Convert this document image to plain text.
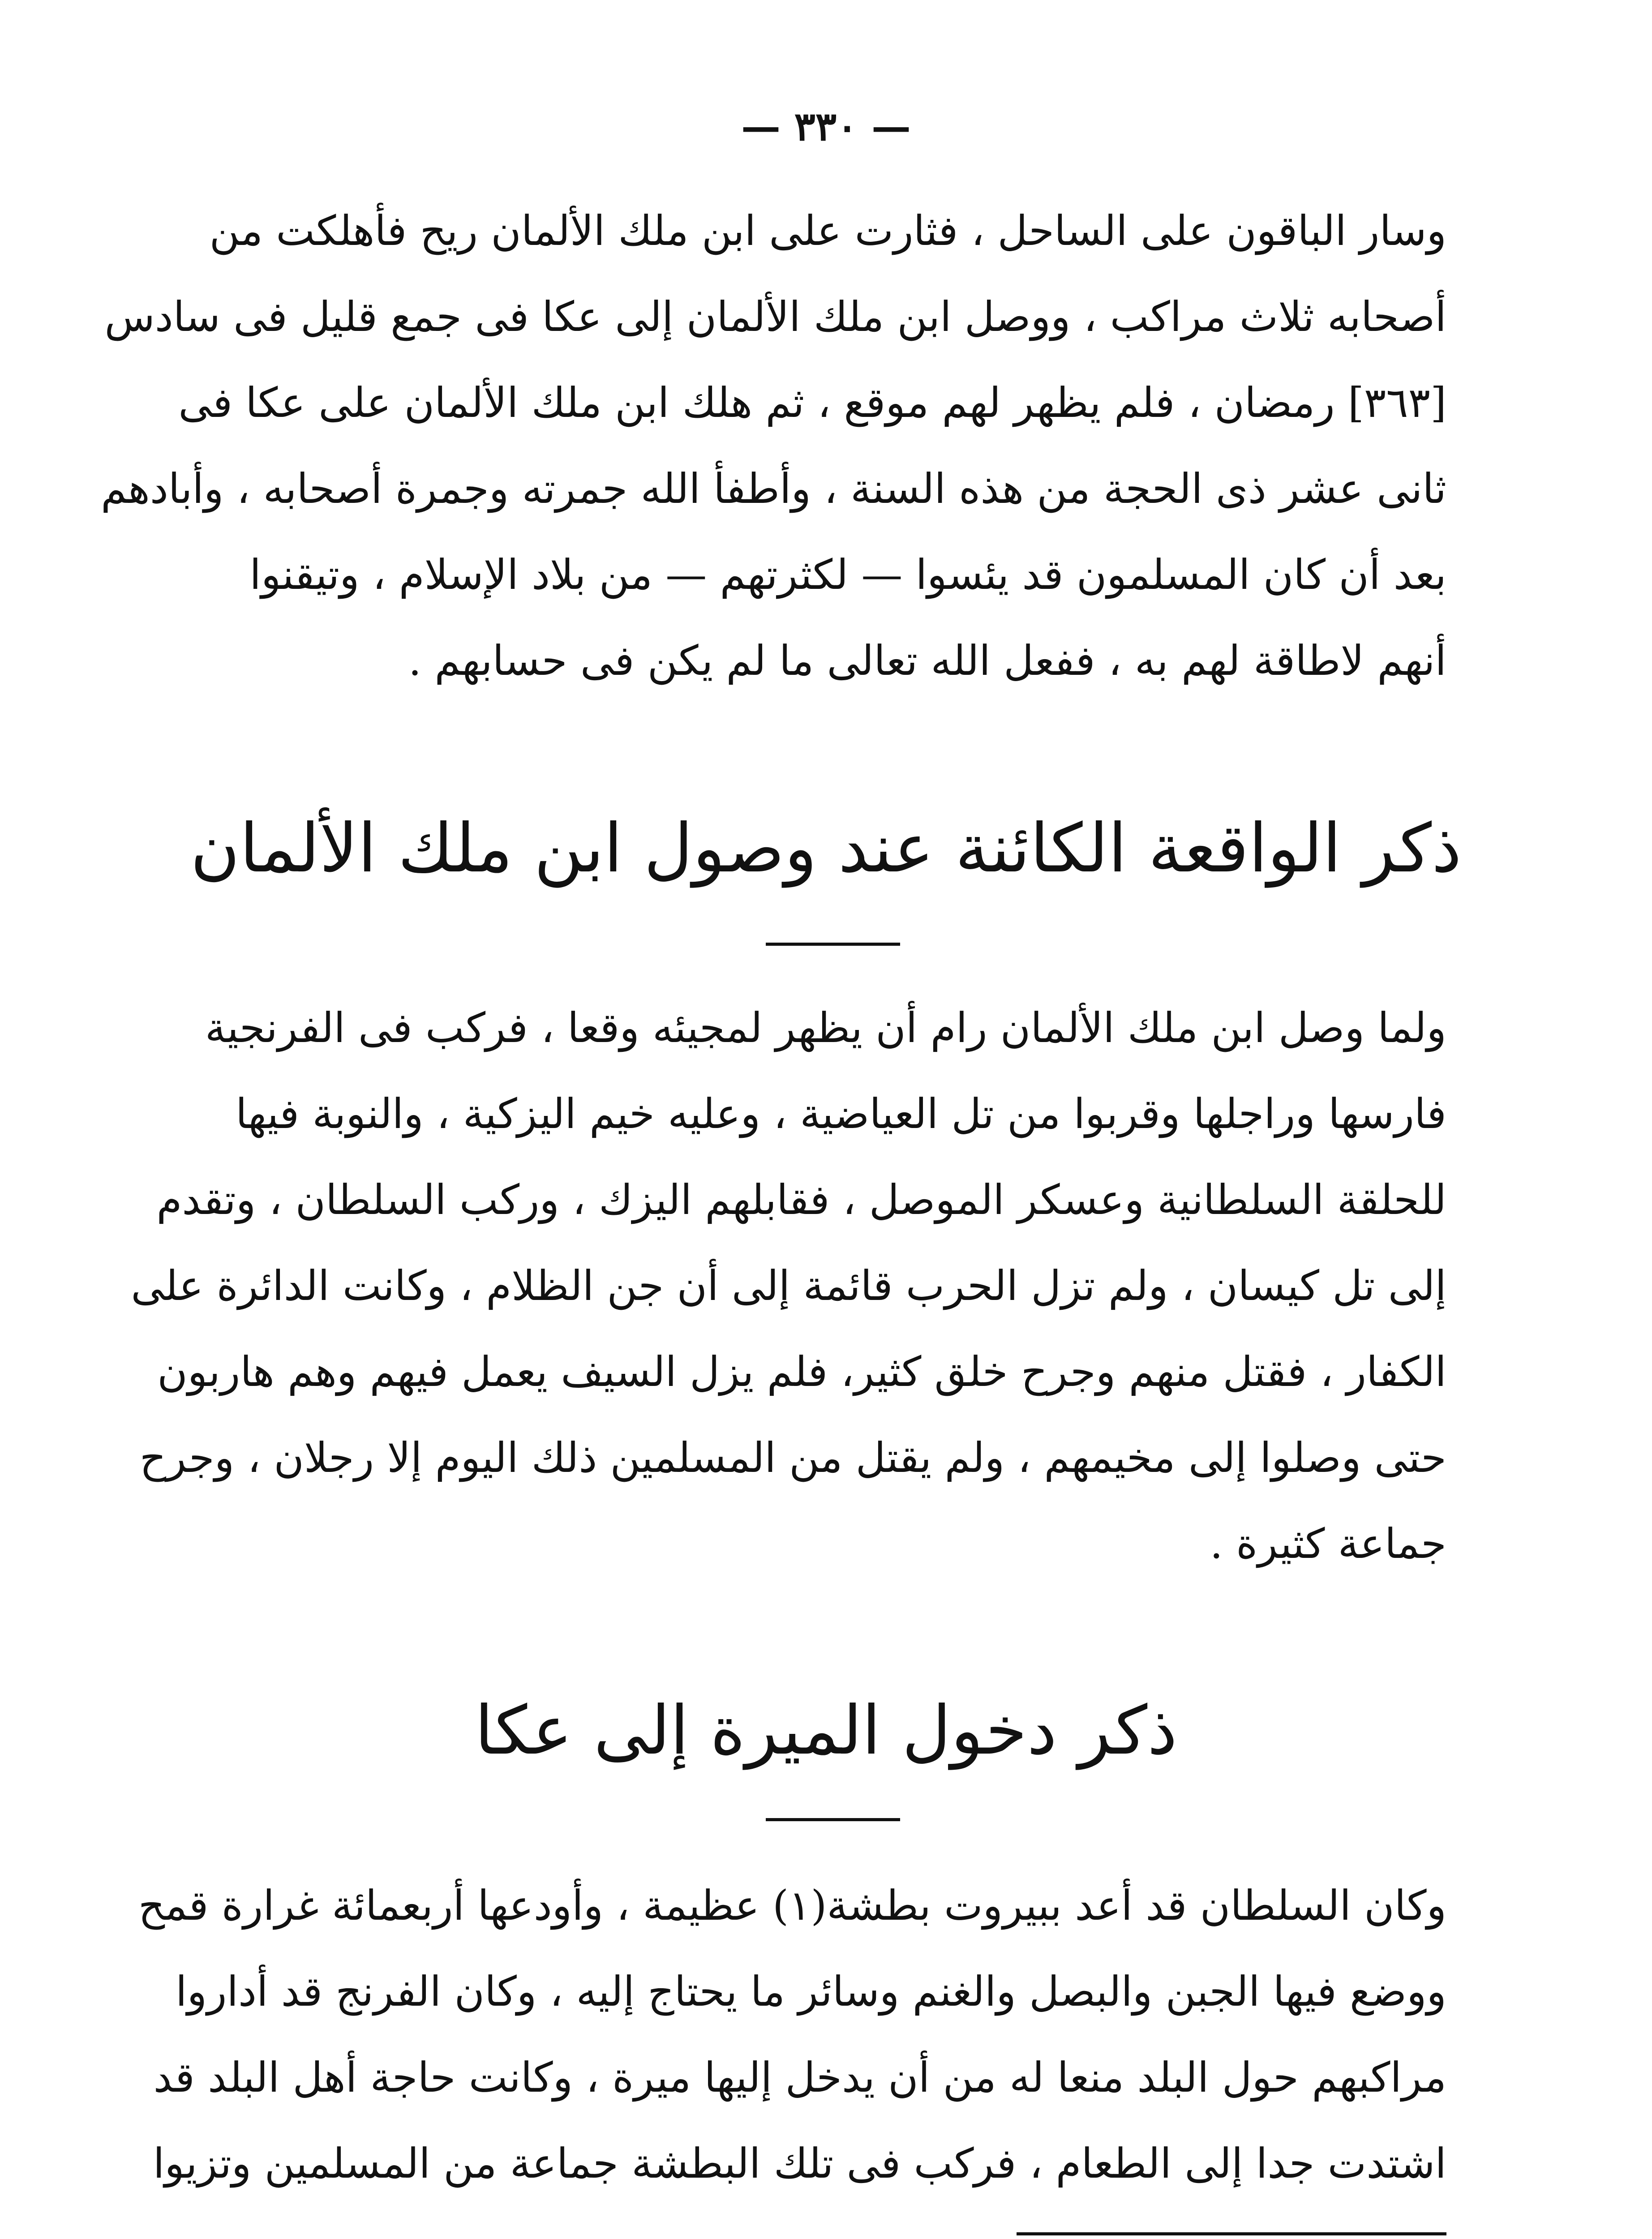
— ٣٣٠ —
وسار الباقون على الساحل ، فثارت على ابن ملك الألمان ريح فأهلكت من
أصحابه ثلاث مراكب ، ووصل ابن ملك الألمان إلى عكا فى جمع قليل فى سادس
[٣٦٣] رمضان ، فلم يظهر لهم موقع ، ثم هلك ابن ملك الألمان على عكا فى
ثانى عشر ذى الحجة من هذه السنة ، وأطفأ الله جمرته وجمرة أصحابه ، وأبادهم
بعد أن كان المسلمون قد يئسوا — لكثرتهم — من بلاد الإسلام ، وتيقنوا
أنهم لاطاقة لهم به ، ففعل الله تعالى ما لم يكن فى حسابهم .
ذكر الواقعة الكائنة عند وصول ابن ملك الألمان
ولما وصل ابن ملك الألمان رام أن يظهر لمجيئه وقعا ، فركب فى الفرنجية
فارسها وراجلها وقربوا من تل العياضية ، وعليه خيم اليزكية ، والنوبة فيها
للحلقة السلطانية وعسكر الموصل ، فقابلهم اليزك ، وركب السلطان ، وتقدم
إلى تل كيسان ، ولم تزل الحرب قائمة إلى أن جن الظلام ، وكانت الدائرة على
الكفار ، فقتل منهم وجرح خلق كثير، فلم يزل السيف يعمل فيهم وهم هاربون
حتى وصلوا إلى مخيمهم ، ولم يقتل من المسلمين ذلك اليوم إلا رجلان ، وجرح
جماعة كثيرة .
ذكر دخول الميرة إلى عكا
وكان السلطان قد أعد ببيروت بطشة(١) عظيمة ، وأودعها أربعمائة غرارة قمح
ووضع فيها الجبن والبصل والغنم وسائر ما يحتاج إليه ، وكان الفرنج قد أداروا
مراكبهم حول البلد منعا له من أن يدخل إليها ميرة ، وكانت حاجة أهل البلد قد
اشتدت جدا إلى الطعام ، فركب فى تلك البطشة جماعة من المسلمين وتزيوا
